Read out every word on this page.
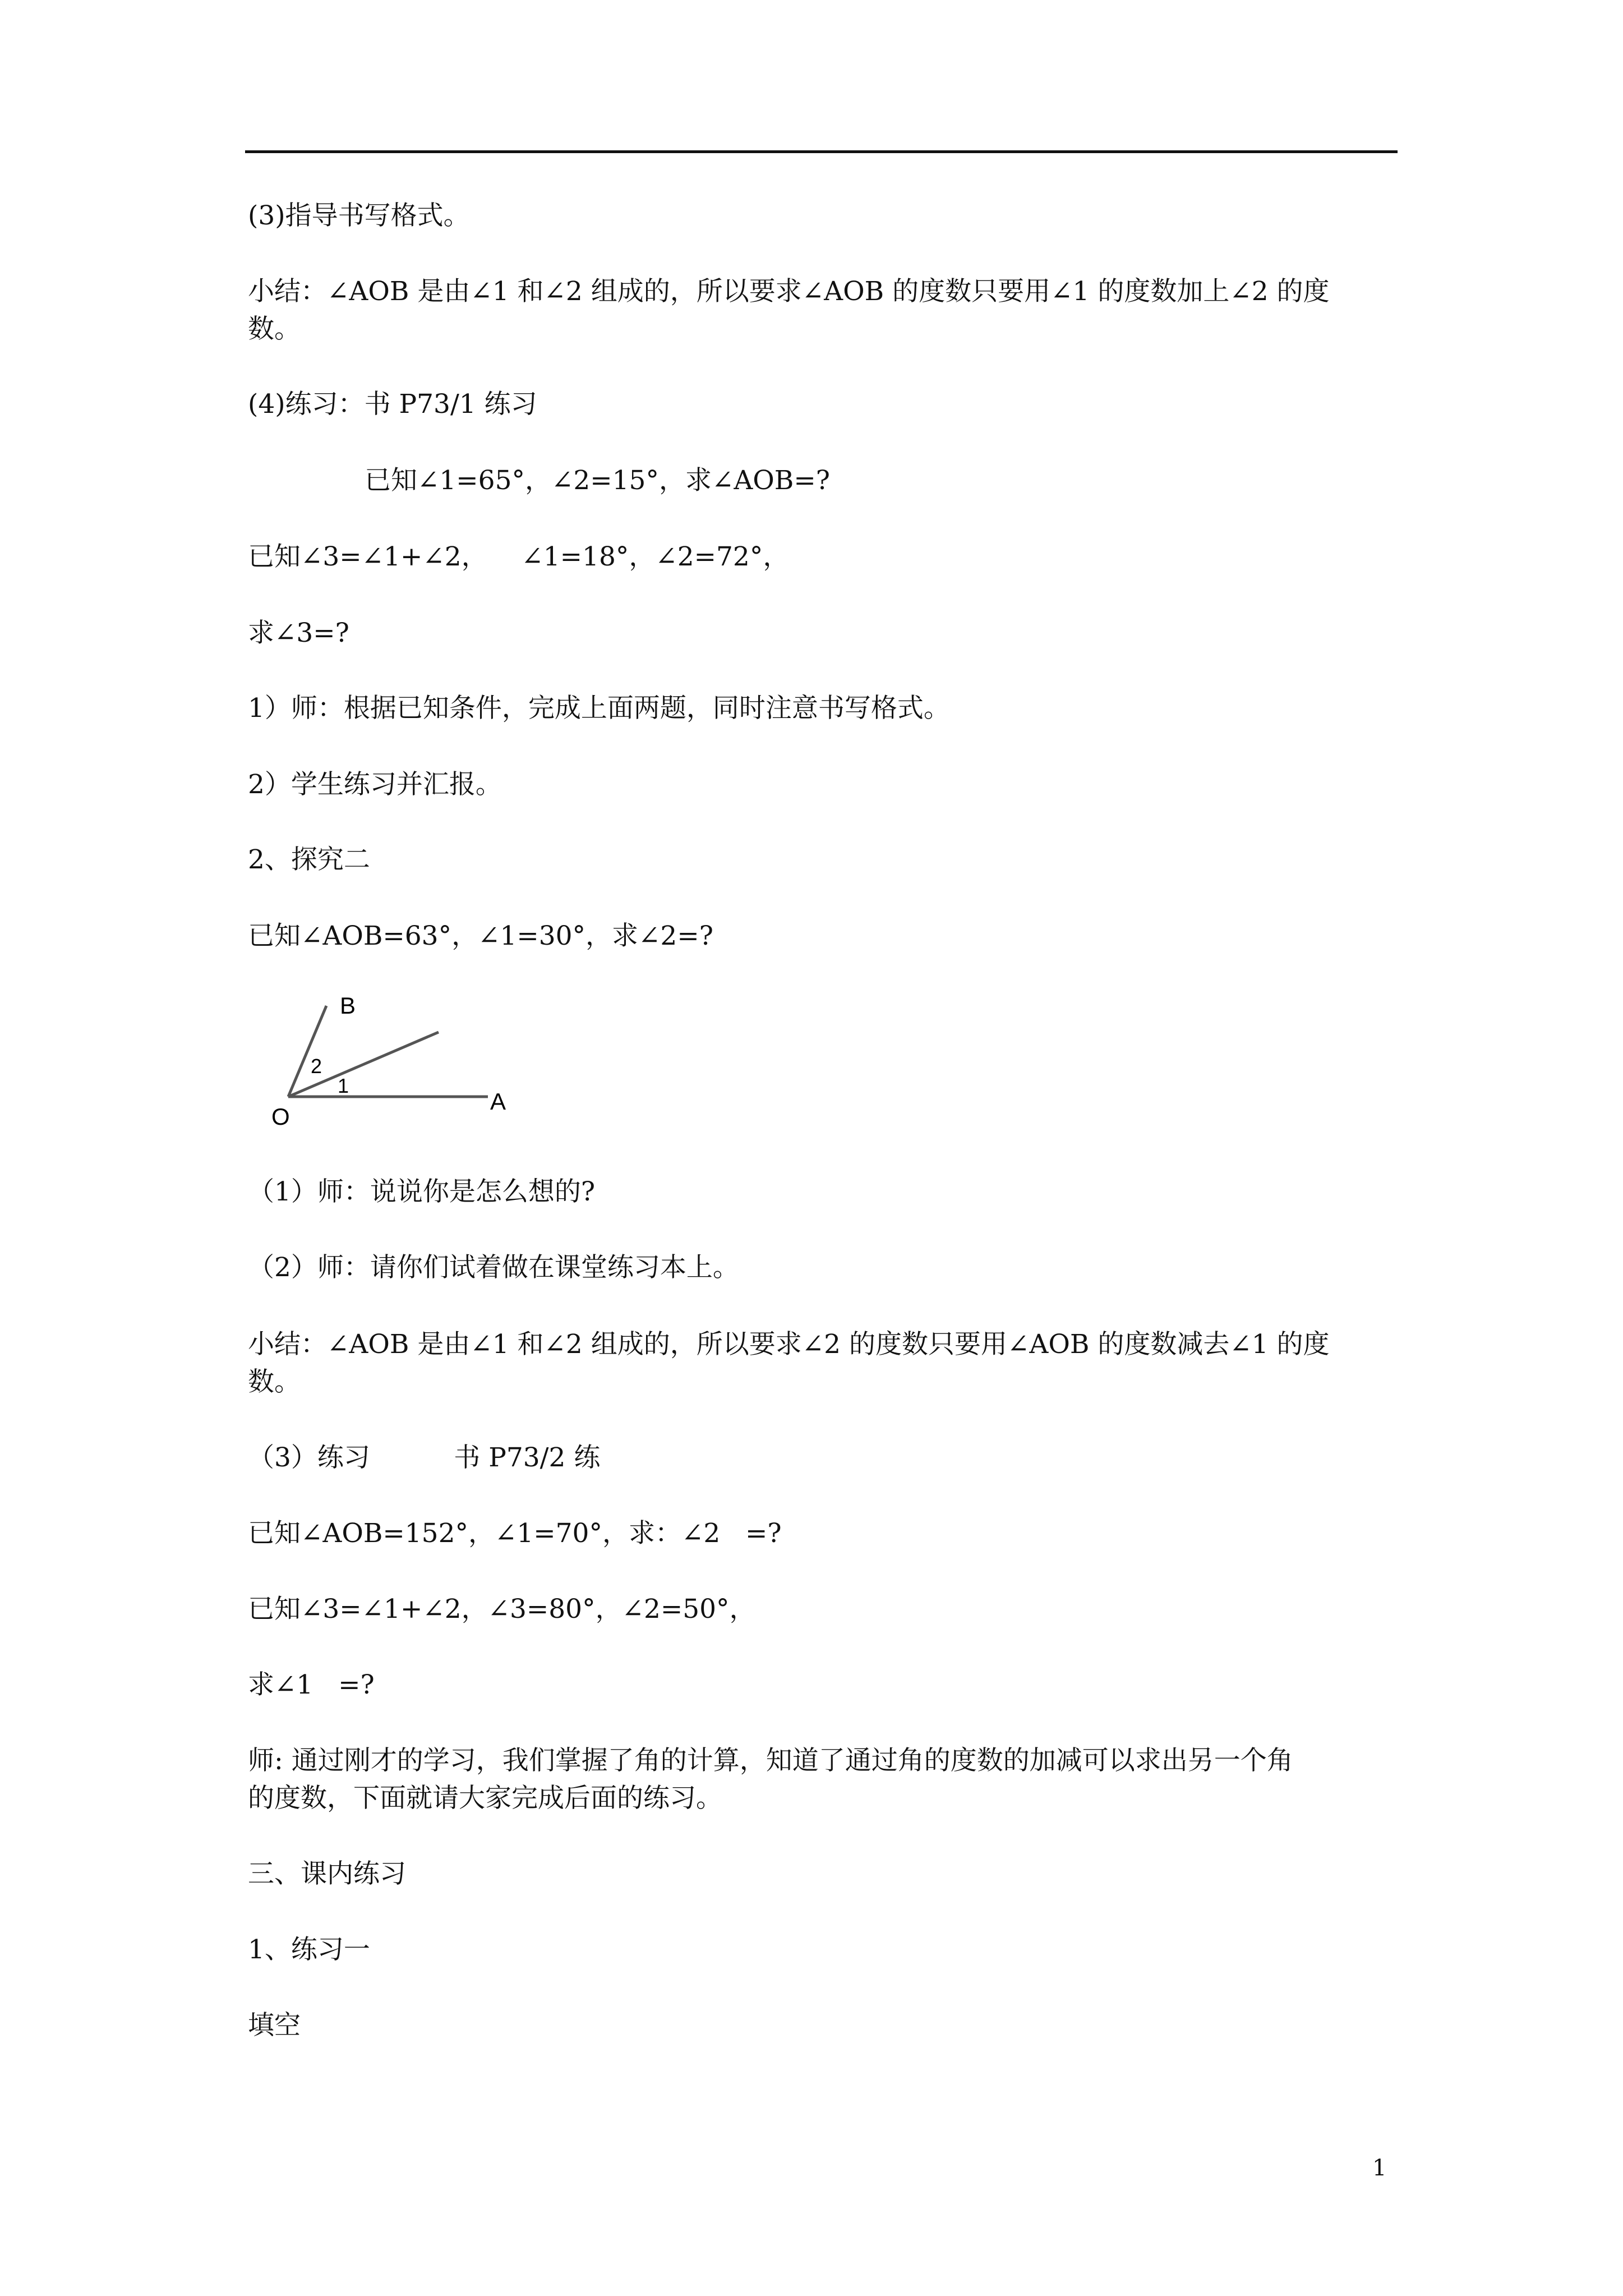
(3)指导书写格式。

小结：∠AOB 是由∠1 和∠2 组成的，所以要求∠AOB 的度数只要用∠1 的度数加上∠2 的度

数。

(4)练习：书 P73/1 练习

已知∠1=65°，∠2=15°，求∠AOB=?

已知∠3=∠1+∠2，    ∠1=18°，∠2=72°，

求∠3=?

1）师：根据已知条件，完成上面两题，同时注意书写格式。

2）学生练习并汇报。

2、探究二

已知∠AOB=63°，∠1=30°，求∠2=?

B
O
A
1
2

（1）师：说说你是怎么想的?

（2）师：请你们试着做在课堂练习本上。

小结：∠AOB 是由∠1 和∠2 组成的，所以要求∠2 的度数只要用∠AOB 的度数减去∠1 的度

数。

（3）练习          书 P73/2 练

已知∠AOB=152°，∠1=70°，求：∠2   =?

已知∠3=∠1+∠2，∠3=80°，∠2=50°，

求∠1   =?

师: 通过刚才的学习，我们掌握了角的计算，知道了通过角的度数的加减可以求出另一个角

的度数，下面就请大家完成后面的练习。

三、课内练习

1、练习一

填空

1
